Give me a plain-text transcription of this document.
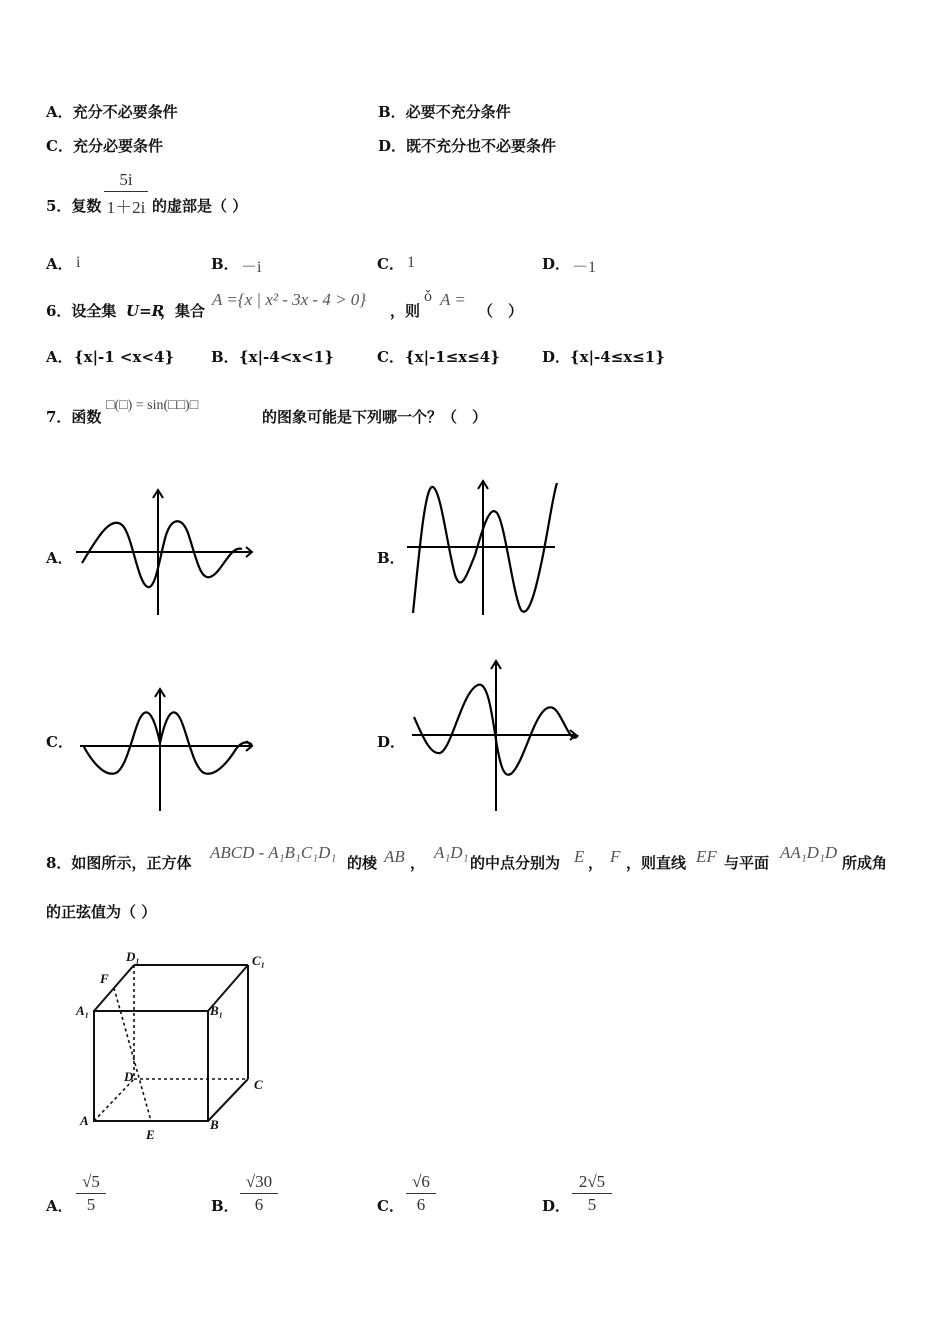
A．充分不必要条件	B．必要不充分条件
C．充分必要条件	D．既不充分也不必要条件
5．复数
5i
1＋2i 的虚部是（ ）
A． i	B． －i	C． 1	D． －1
6．设全集 U=R
，集合
A ={x | x² - 3x - 4 > 0}
，则
ǒ A =
（　）
A． {x|-1 <x<4} B． {x|-4<x<1}	C． {x|-1≤x≤4}	D． {x|-4≤x≤1}
7．函数
□(□) = sin(□□)□
的图象可能是下列哪一个？（　）
A．	B．
C．	D．
8．如图所示，正方体
ABCD - A₁B₁C₁D₁
的棱 AB ，
A₁D₁
的中点分别为 E ， F ，则直线 EF 与平面
AA₁D₁D
所成角
的正弦值为（ ）
D₁	C₁
F
A₁	B₁
D
C
A	B
E
A．
√5
5	B．
√30
6	C．
√6
6	D．
2√5
5
